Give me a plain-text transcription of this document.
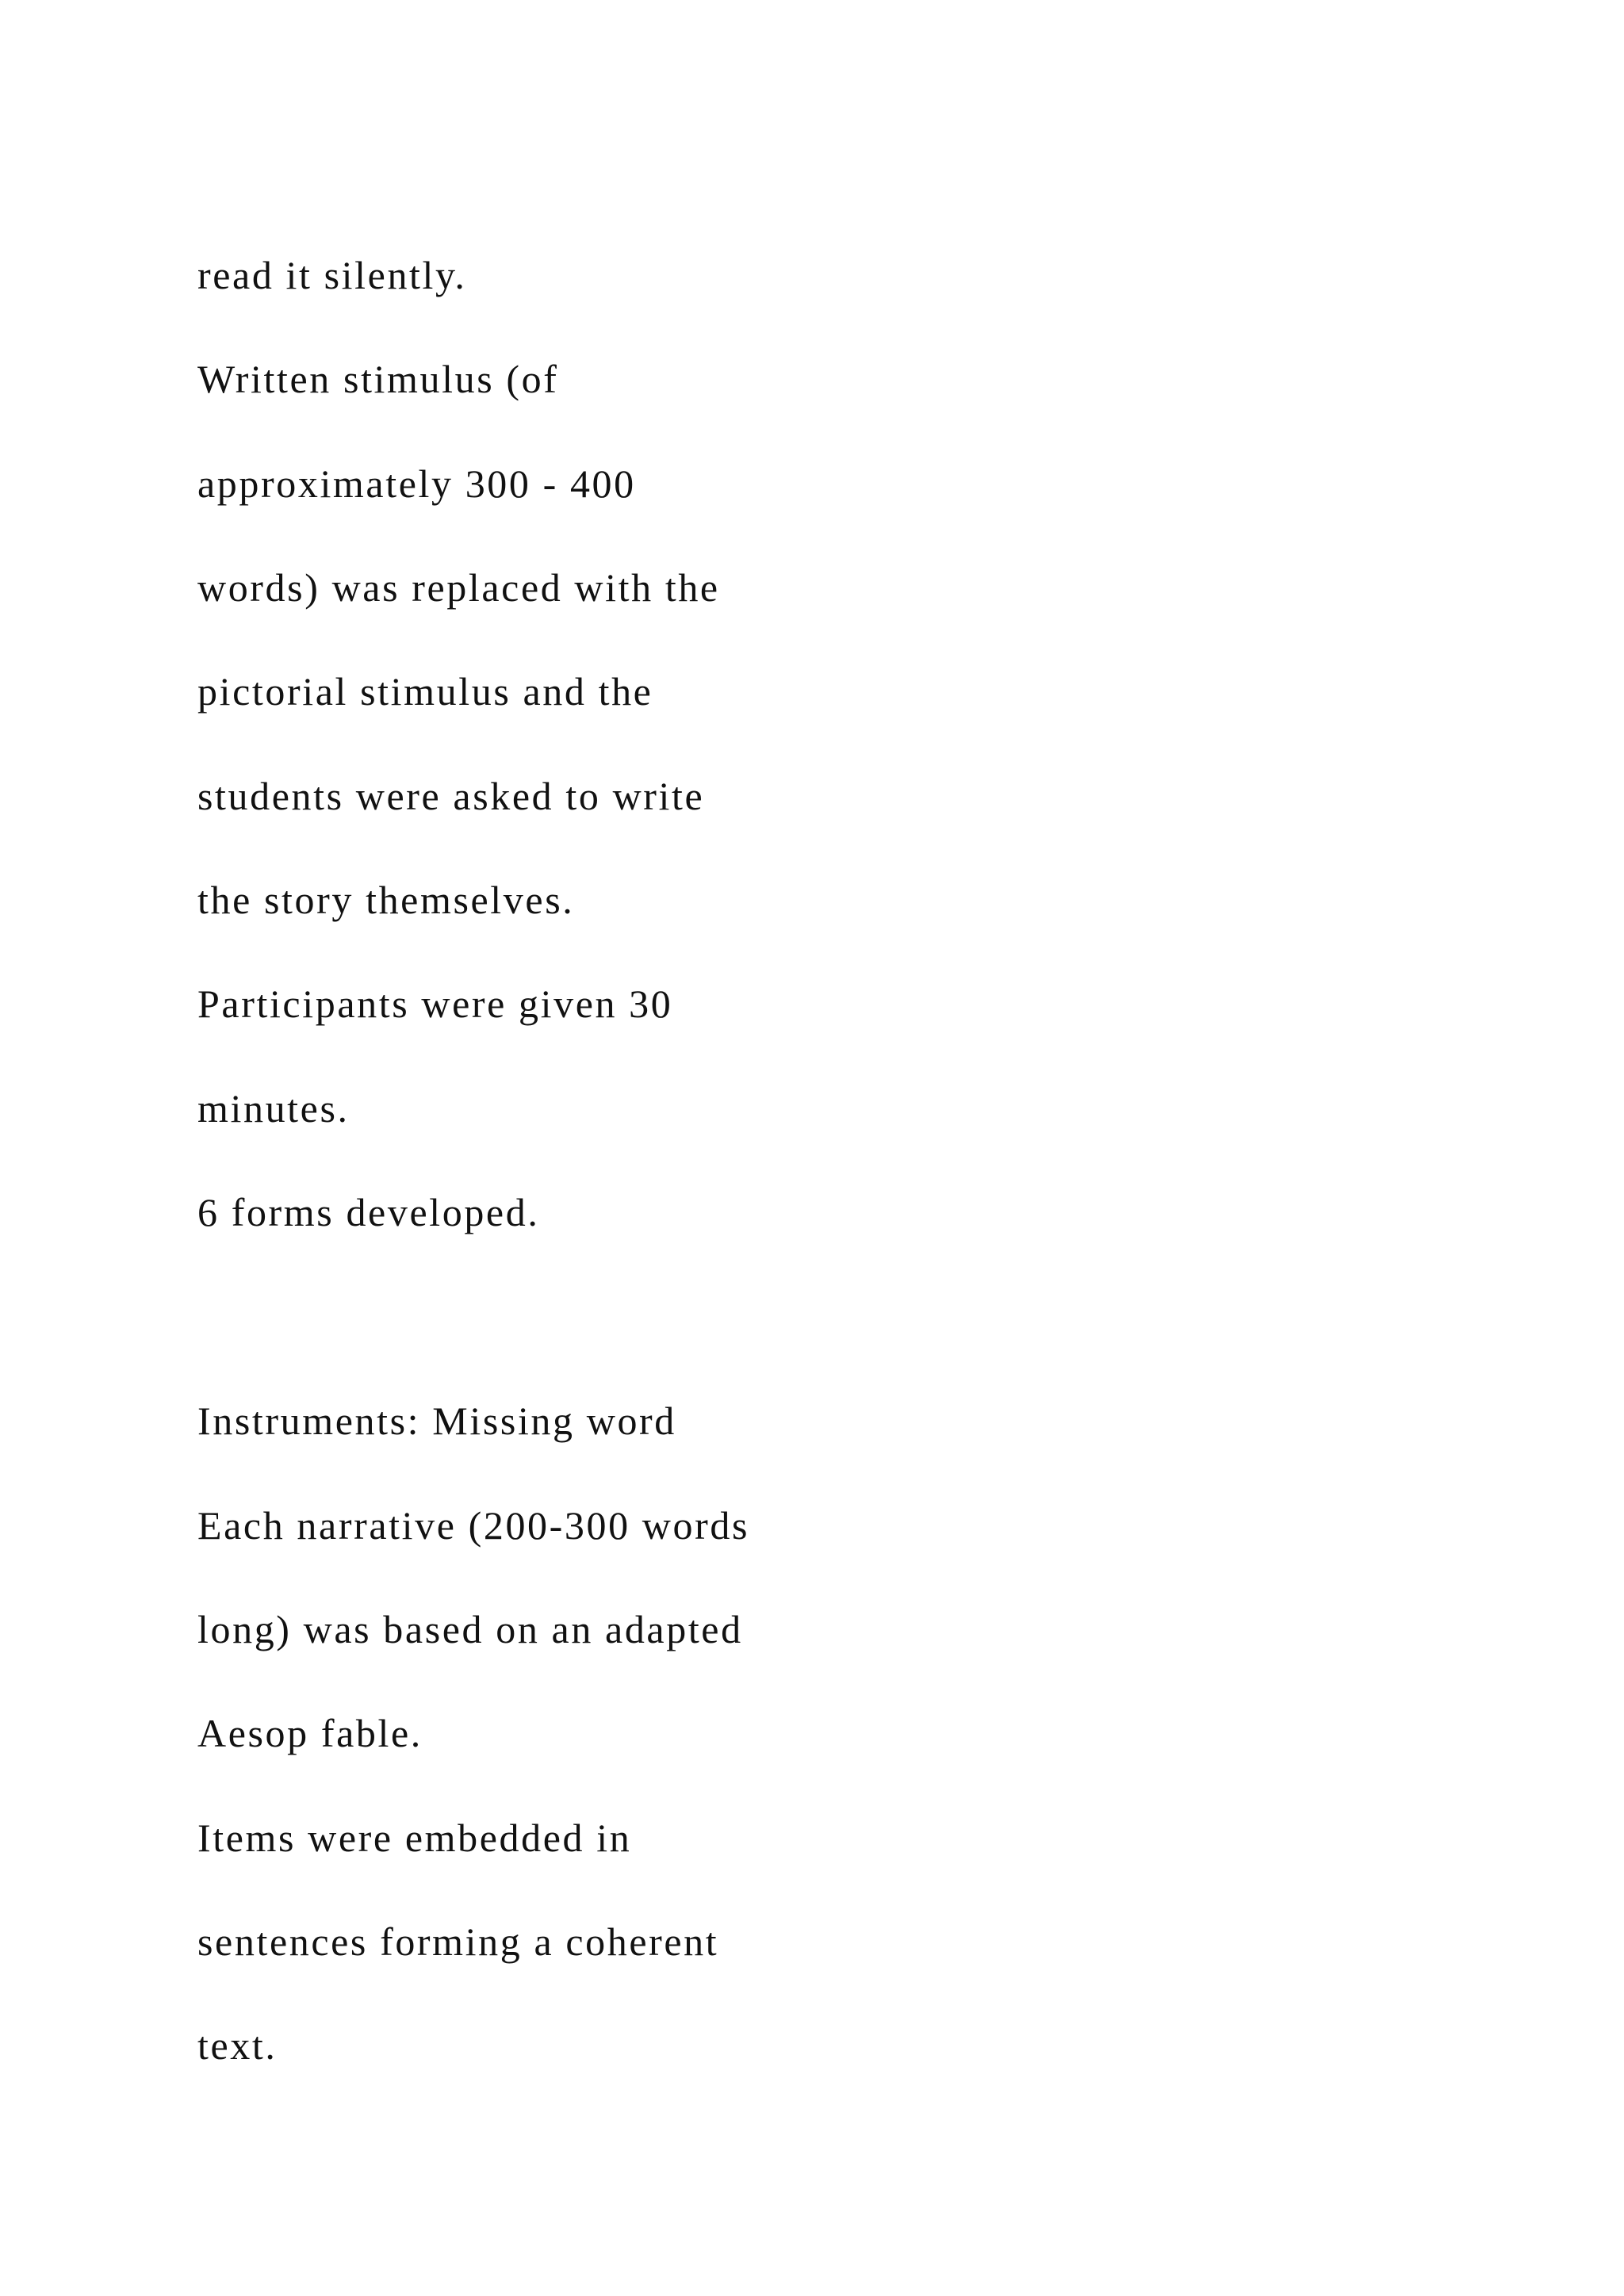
read it silently.

Written stimulus (of

approximately 300 - 400

words) was replaced with the

pictorial stimulus and the

students were asked to write

the story themselves.

Participants were given 30

minutes.

6 forms developed.

Instruments: Missing word

Each narrative (200-300 words

long) was based on an adapted

Aesop fable.

Items were embedded in

sentences forming a coherent

text.
